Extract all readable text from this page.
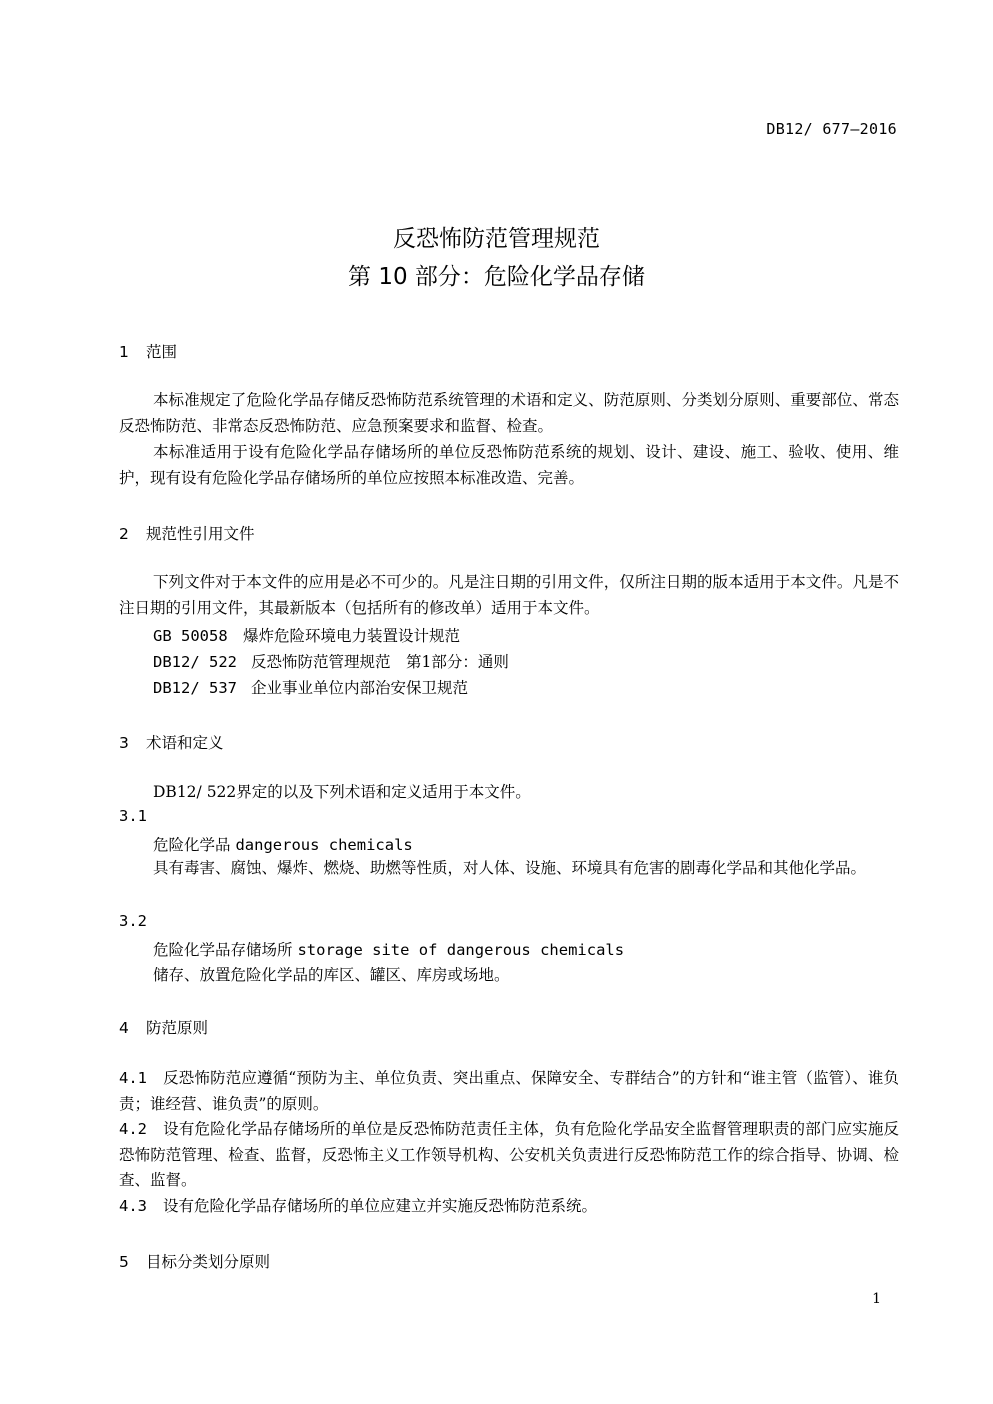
DB12/ 677—2016
反恐怖防范管理规范
第 10 部分：危险化学品存储
1 范围
本标准规定了危险化学品存储反恐怖防范系统管理的术语和定义、防范原则、分类划分原则、重要部位、常态反恐怖防范、非常态反恐怖防范、应急预案要求和监督、检查。
本标准适用于设有危险化学品存储场所的单位反恐怖防范系统的规划、设计、建设、施工、验收、使用、维护，现有设有危险化学品存储场所的单位应按照本标准改造、完善。
2 规范性引用文件
下列文件对于本文件的应用是必不可少的。凡是注日期的引用文件，仅所注日期的版本适用于本文件。凡是不注日期的引用文件，其最新版本（包括所有的修改单）适用于本文件。
GB 50058 爆炸危险环境电力装置设计规范
DB12/ 522 反恐怖防范管理规范　第1部分：通则
DB12/ 537 企业事业单位内部治安保卫规范
3 术语和定义
DB12/ 522界定的以及下列术语和定义适用于本文件。
3.1
危险化学品 dangerous chemicals
具有毒害、腐蚀、爆炸、燃烧、助燃等性质，对人体、设施、环境具有危害的剧毒化学品和其他化学品。
3.2
危险化学品存储场所 storage site of dangerous chemicals
储存、放置危险化学品的库区、罐区、库房或场地。
4 防范原则
4.1 反恐怖防范应遵循“预防为主、单位负责、突出重点、保障安全、专群结合”的方针和“谁主管（监管）、谁负责；谁经营、谁负责”的原则。
4.2 设有危险化学品存储场所的单位是反恐怖防范责任主体，负有危险化学品安全监督管理职责的部门应实施反恐怖防范管理、检查、监督，反恐怖主义工作领导机构、公安机关负责进行反恐怖防范工作的综合指导、协调、检查、监督。
4.3 设有危险化学品存储场所的单位应建立并实施反恐怖防范系统。
5 目标分类划分原则
1
